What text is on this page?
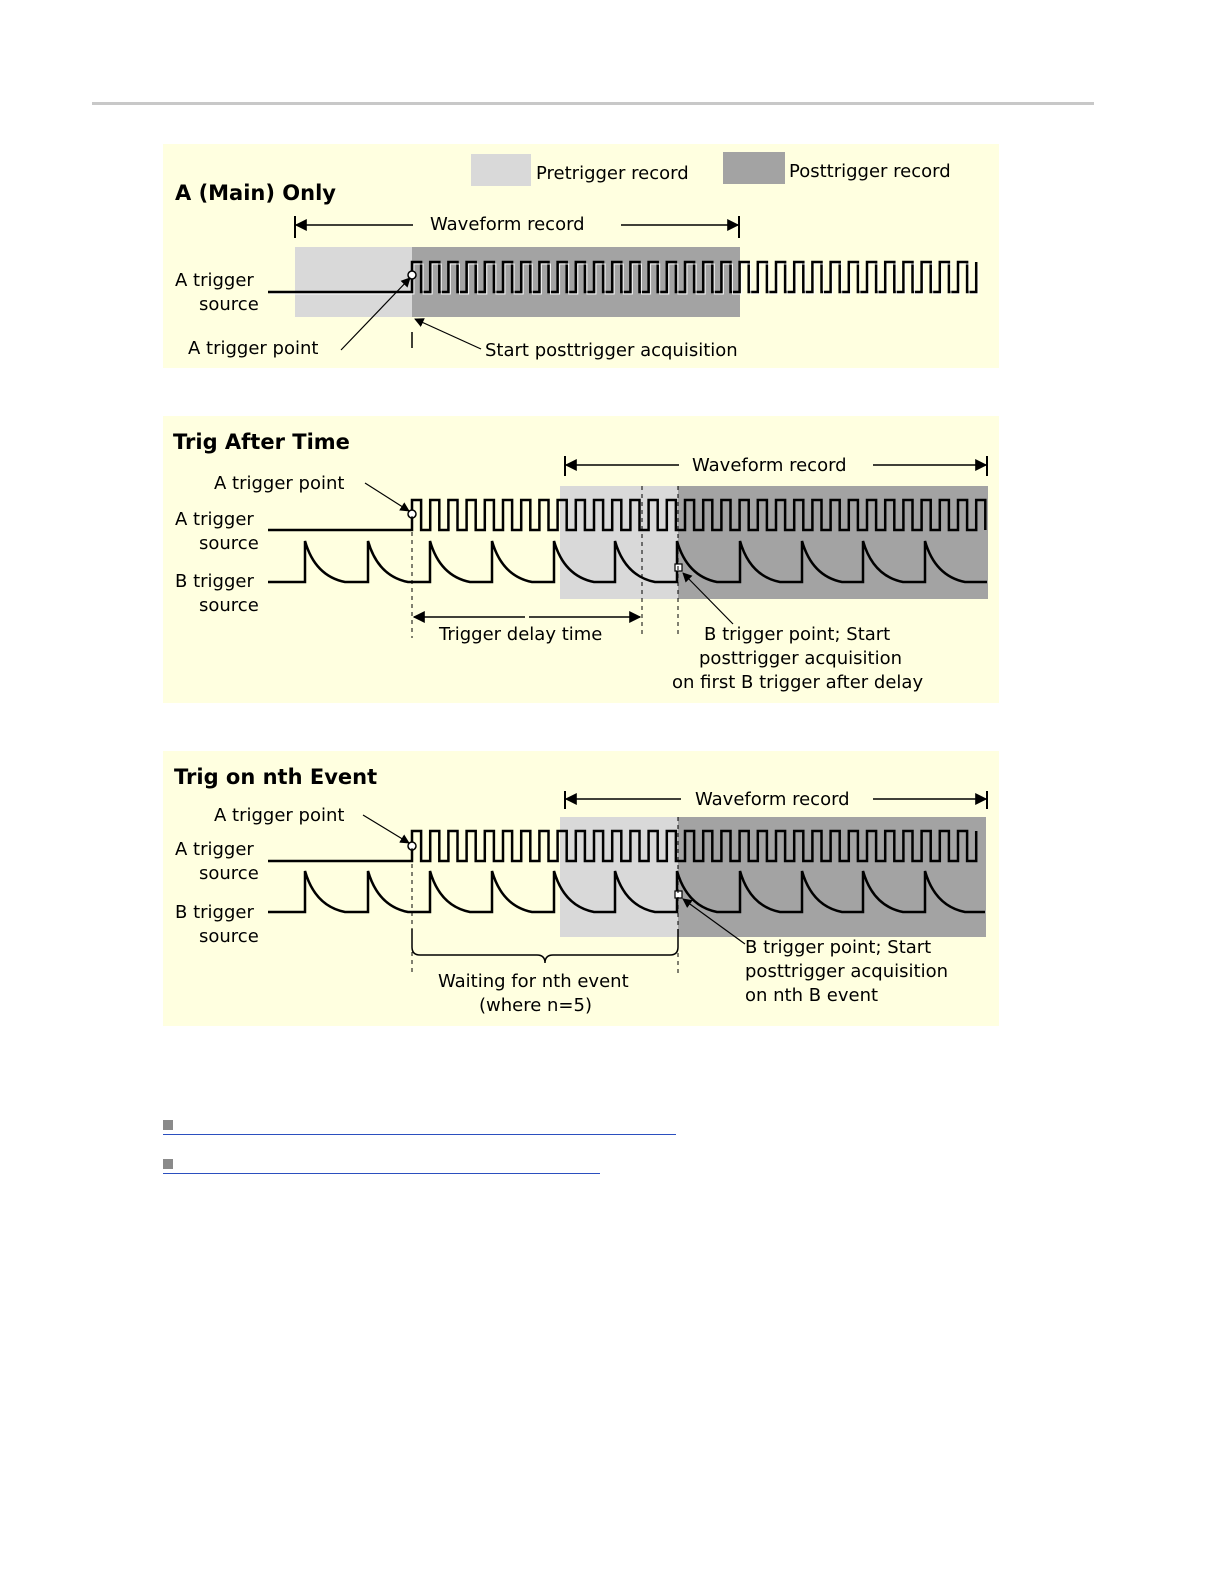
Pretrigger record	Posttrigger record
A (Main) Only
Waveform record
A trigger
source
A trigger point	Start posttrigger acquisition
Trig After Time
Waveform record
A trigger point
A trigger
source
B trigger
source
Trigger delay time	B trigger point; Start
posttrigger acquisition
on first B trigger after delay
Trig on nth Event
Waveform record
A trigger point
A trigger
source
B trigger
source
Waiting for nth event
(where n=5)
B trigger point; Start
posttrigger acquisition
on nth B event
